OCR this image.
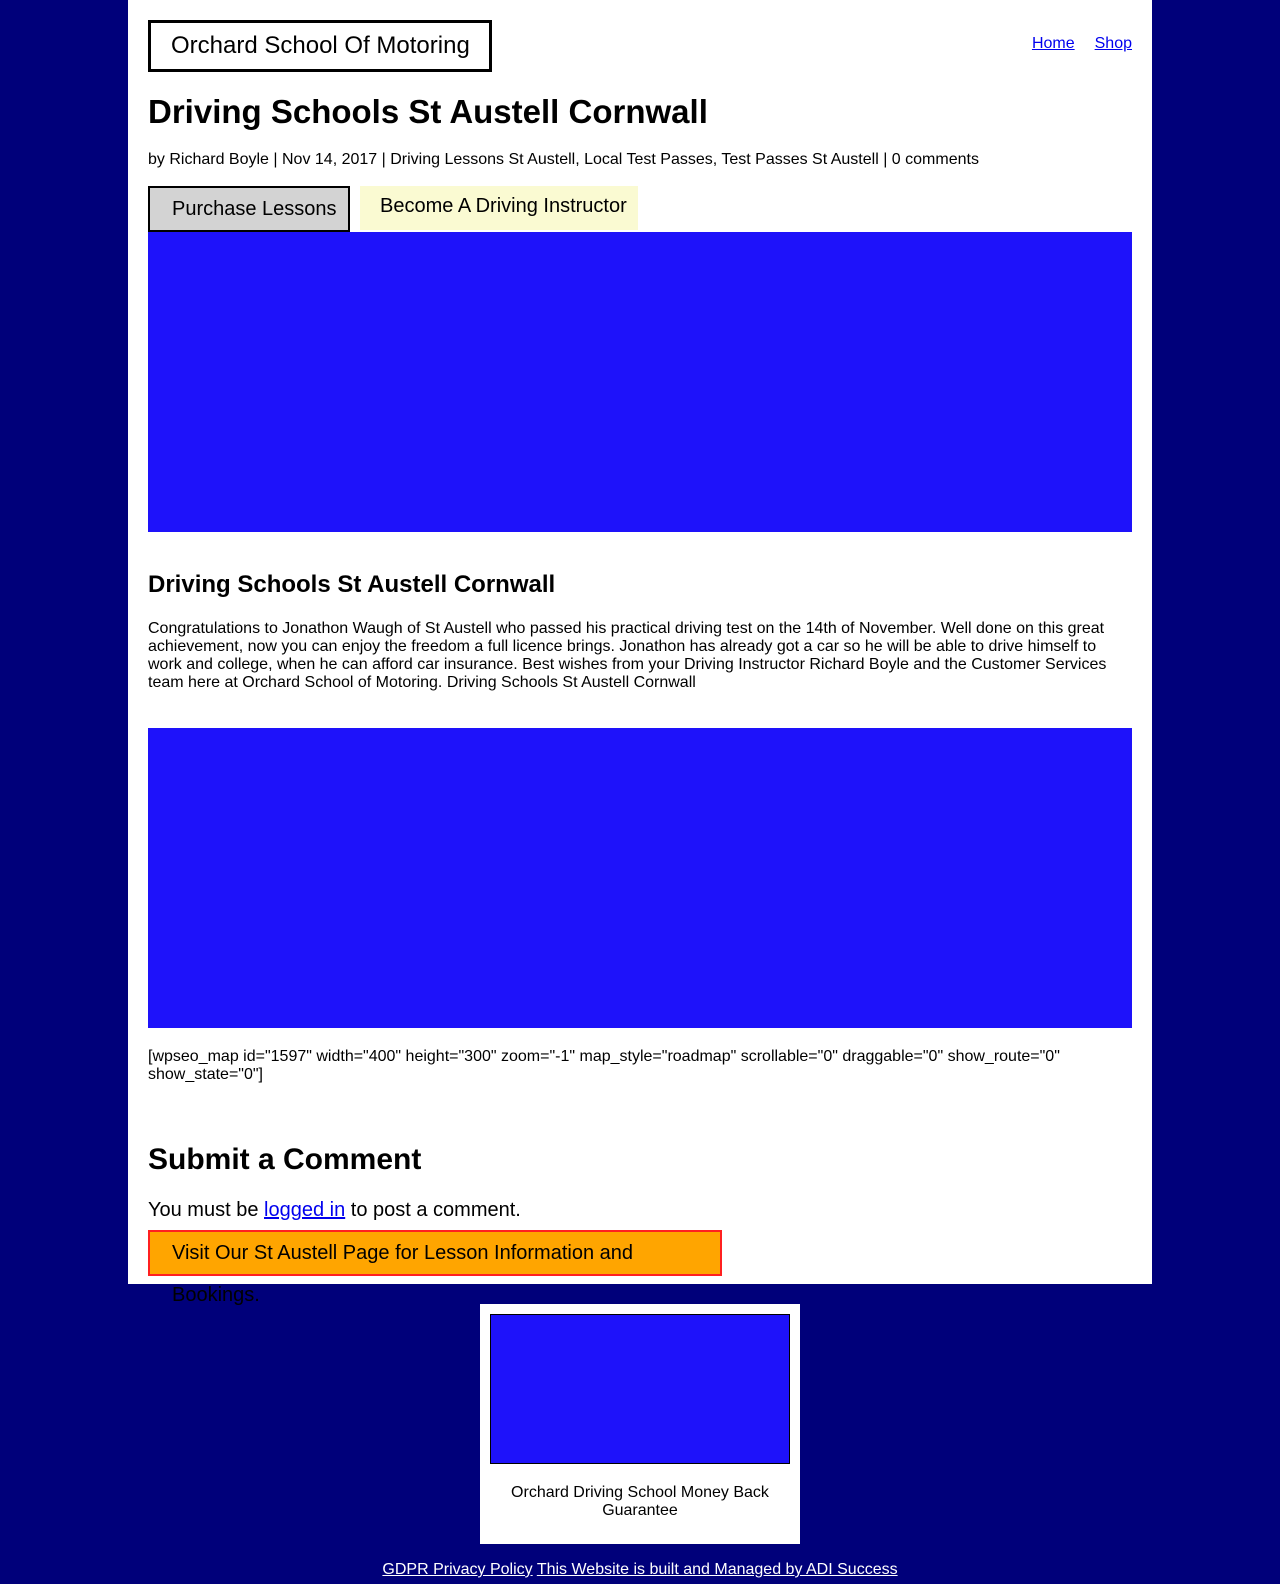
Orchard School Of Motoring	Home Shop
Driving Schools St Austell Cornwall
by Richard Boyle | Nov 14, 2017 | Driving Lessons St Austell, Local Test Passes, Test Passes St Austell | 0 comments
Purchase Lessons	Become A Driving Instructor
Driving Schools St Austell Cornwall

Congratulations to Jonathon Waugh of St Austell who passed his practical driving test on the 14th of November. Well done on this great achievement, now you can enjoy the freedom a full licence brings. Jonathon has already got a car so he will be able to drive himself to work and college, when he can afford car insurance. Best wishes from your Driving Instructor Richard Boyle and the Customer Services team here at Orchard School of Motoring. Driving Schools St Austell Cornwall

[wpseo_map id="1597" width="400" height="300" zoom="-1" map_style="roadmap" scrollable="0" draggable="0" show_route="0" show_state="0"]

Submit a Comment
You must be logged in to post a comment.
Visit Our St Austell Page for Lesson Information and Bookings.
Orchard Driving School Money Back Guarantee
GDPR Privacy Policy This Website is built and Managed by ADI Success
